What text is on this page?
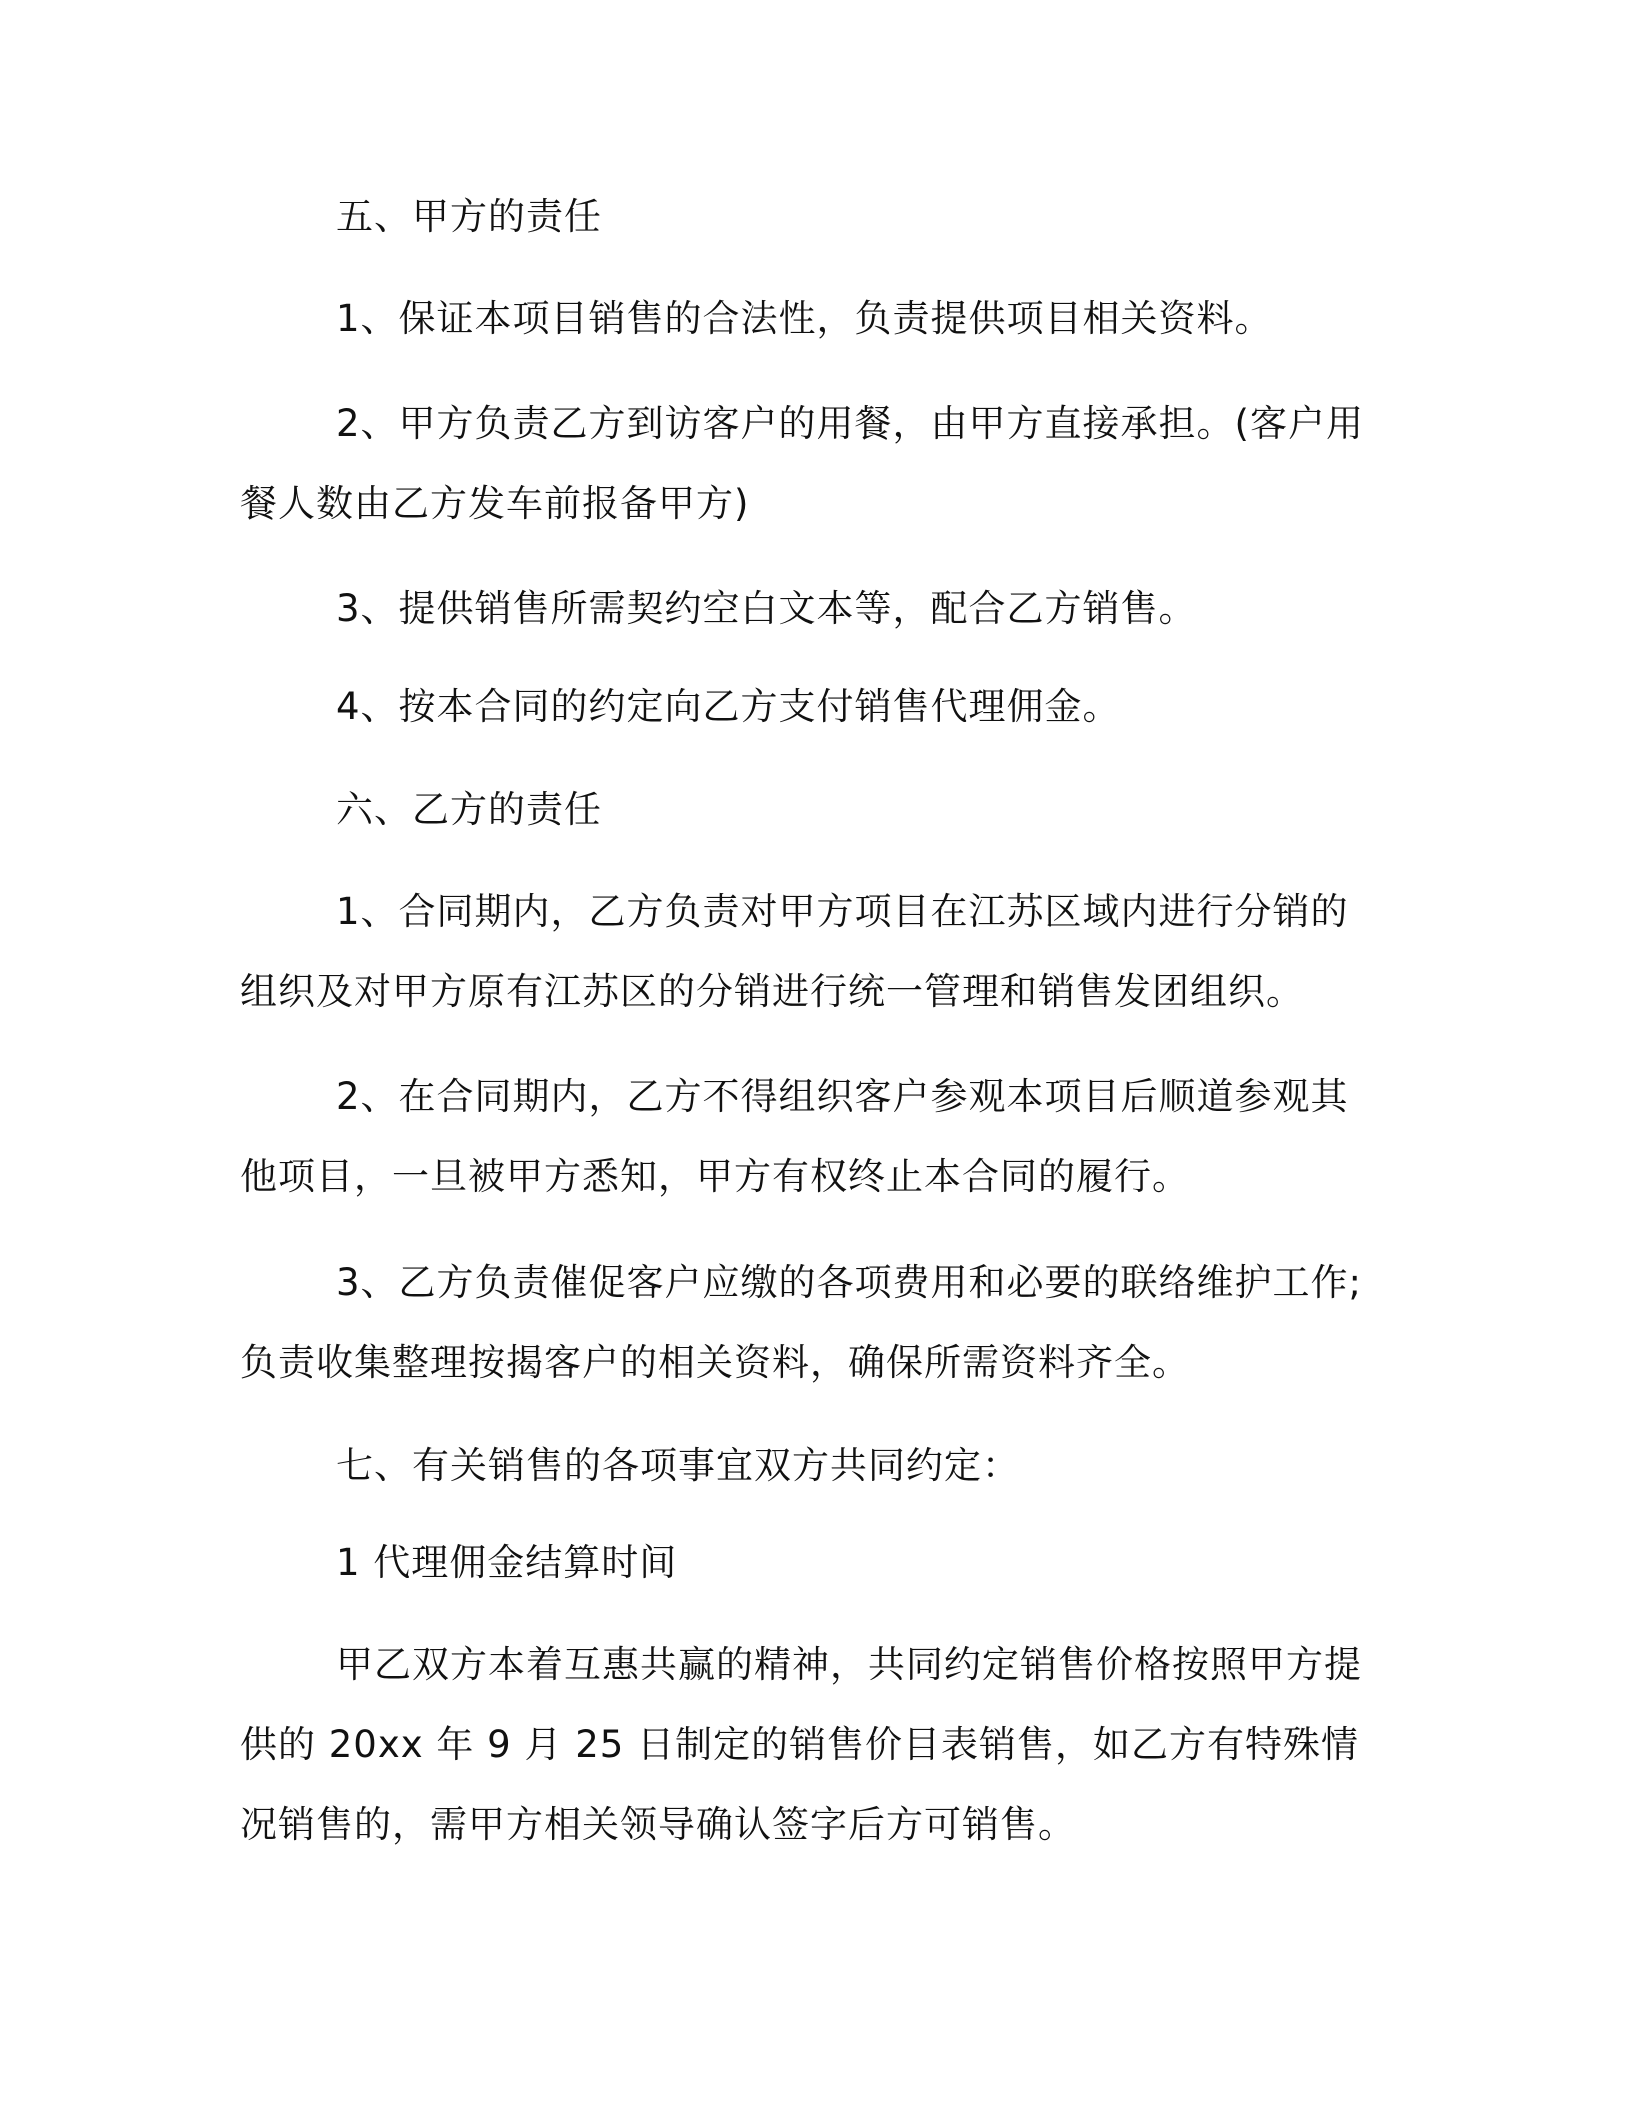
五、甲方的责任
1、保证本项目销售的合法性，负责提供项目相关资料。
2、甲方负责乙方到访客户的用餐，由甲方直接承担。(客户用餐人数由乙方发车前报备甲方)
3、提供销售所需契约空白文本等，配合乙方销售。
4、按本合同的约定向乙方支付销售代理佣金。
六、乙方的责任
1、合同期内，乙方负责对甲方项目在江苏区域内进行分销的组织及对甲方原有江苏区的分销进行统一管理和销售发团组织。
2、在合同期内，乙方不得组织客户参观本项目后顺道参观其他项目，一旦被甲方悉知，甲方有权终止本合同的履行。
3、乙方负责催促客户应缴的各项费用和必要的联络维护工作;负责收集整理按揭客户的相关资料，确保所需资料齐全。
七、有关销售的各项事宜双方共同约定：
1 代理佣金结算时间
甲乙双方本着互惠共赢的精神，共同约定销售价格按照甲方提供的 20xx 年 9 月 25 日制定的销售价目表销售，如乙方有特殊情况销售的，需甲方相关领导确认签字后方可销售。
